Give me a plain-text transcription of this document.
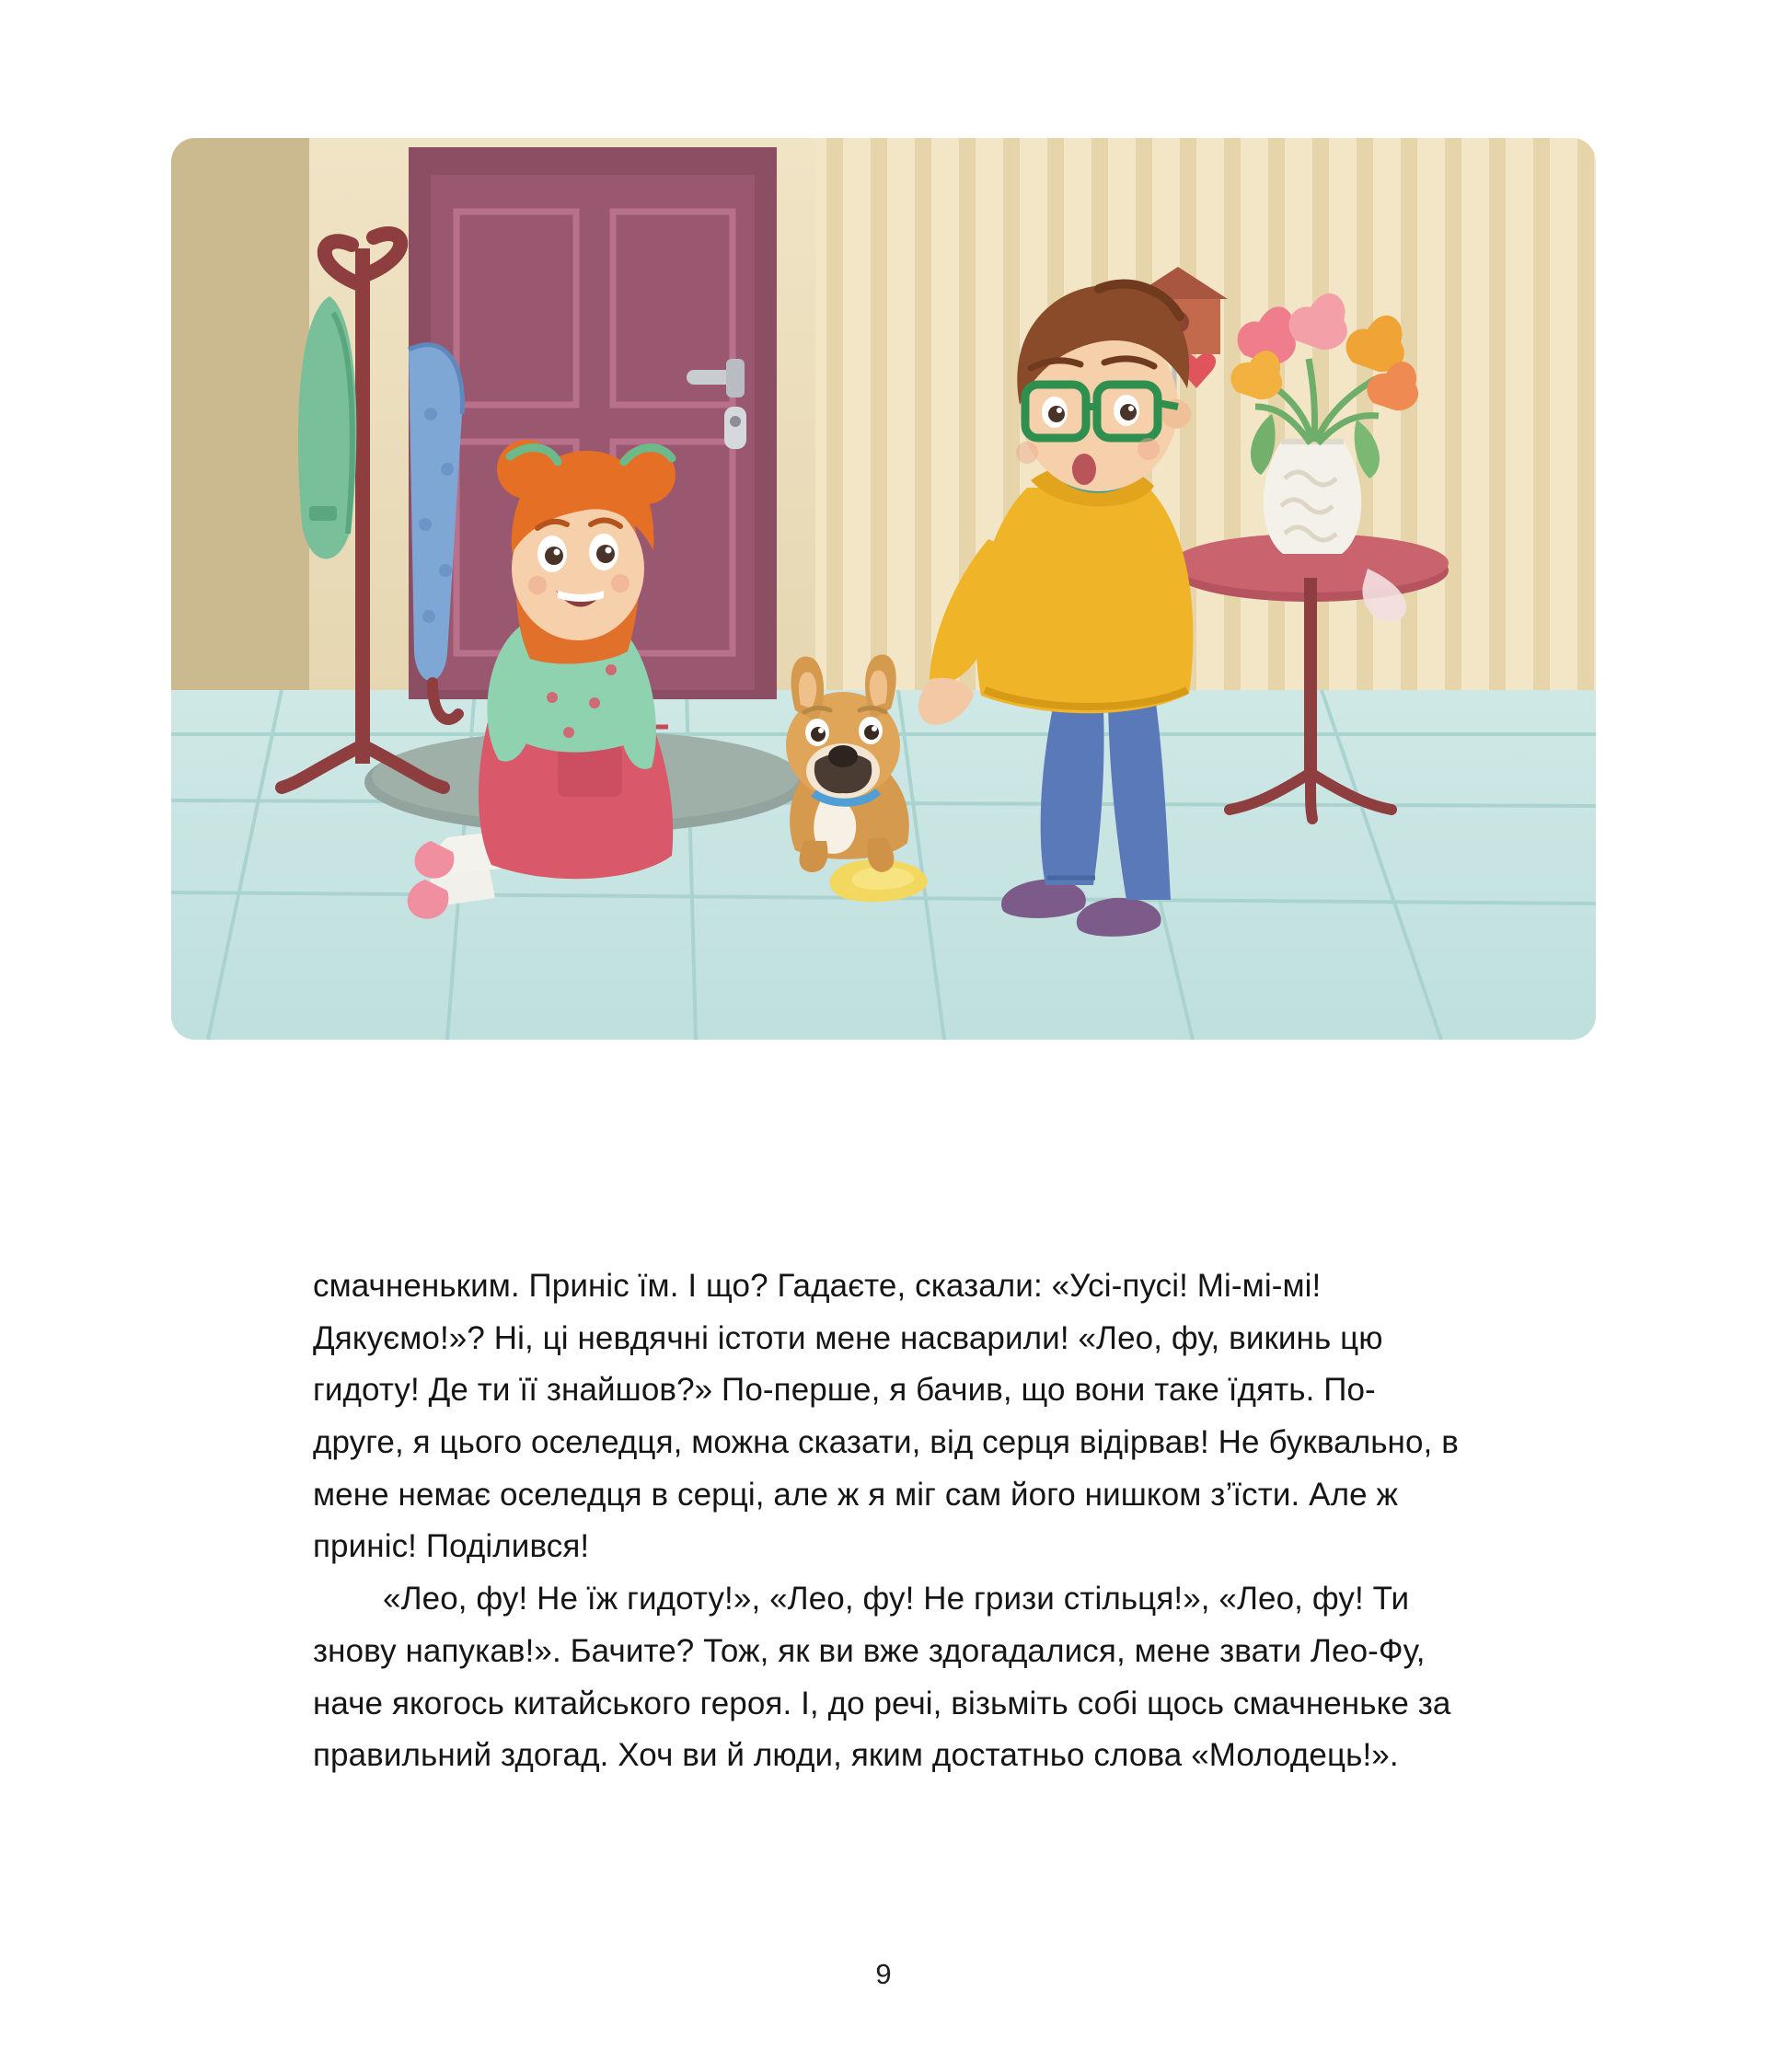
смачненьким. Приніс їм. І що? Гадаєте, сказали: «Усі-пусі! Мі-мі-мі! Дякуємо!»? Ні, ці невдячні істоти мене насварили! «Лео, фу, викинь цю гидоту! Де ти її знайшов?» По-перше, я бачив, що вони таке їдять. По-друге, я цього оселедця, можна сказати, від серця відірвав! Не буквально, в мене немає оселедця в серці, але ж я міг сам його нишком з’їсти. Але ж приніс! Поділився!

«Лео, фу! Не їж гидоту!», «Лео, фу! Не гризи стільця!», «Лео, фу! Ти знову напукав!». Бачите? Тож, як ви вже здогадалися, мене звати Лео-Фу, наче якогось китайського героя. І, до речі, візьміть собі щось смачненьке за правильний здогад. Хоч ви й люди, яким достатньо слова «Молодець!».

9
